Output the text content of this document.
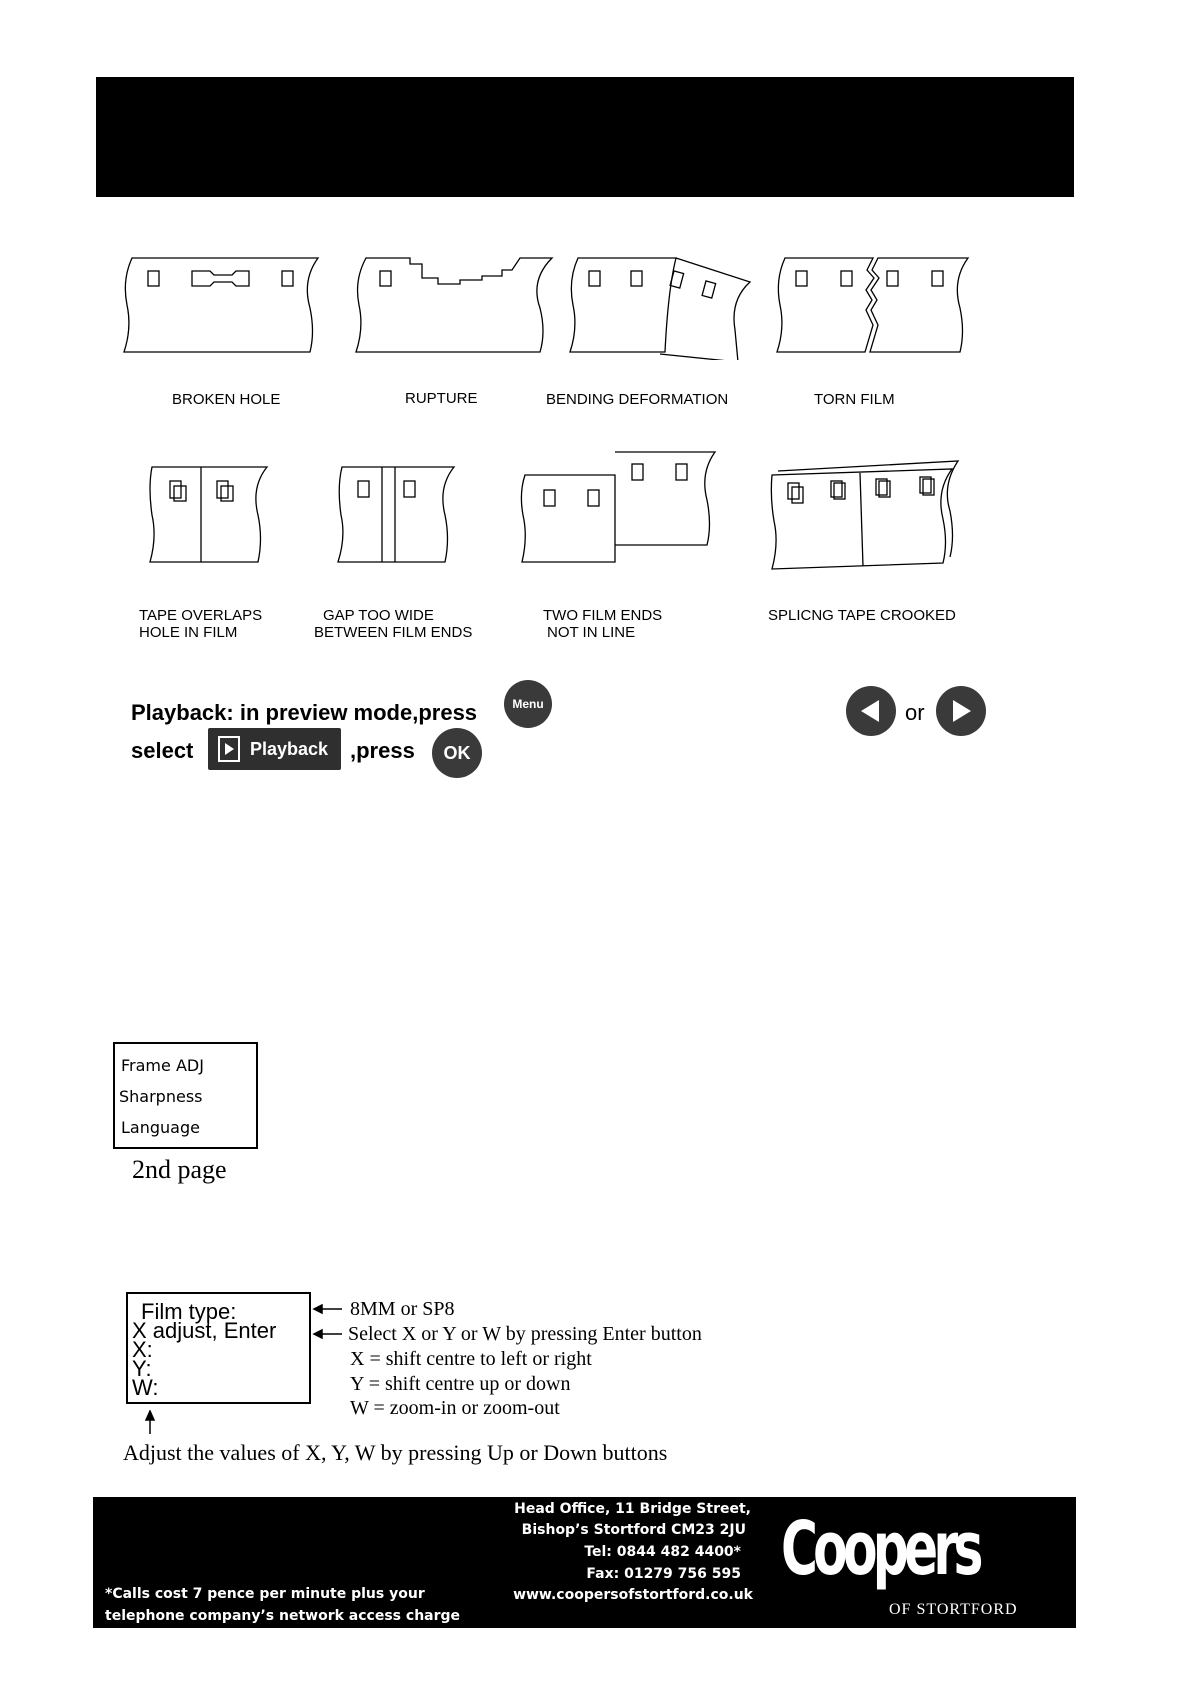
BROKEN HOLE	RUPTURE	BENDING DEFORMATION	TORN FILM
TAPE OVERLAPS
HOLE IN FILM
GAP TOO WIDE
BETWEEN FILM ENDS
TWO FILM ENDS
NOT IN LINE
SPLICNG TAPE CROOKED
Playback: in preview mode,press	Menu
select	Playback ,press OK
or
Frame ADJ
Sharpness
Language
2nd page
Film type:
X adjust, Enter
X:
Y:
W:
8MM or SP8
Select X or Y or W by pressing Enter button
X = shift centre to left or right
Y = shift centre up or down
W = zoom-in or zoom-out
Adjust the values of X, Y, W by pressing Up or Down buttons
Head Office, 11 Bridge Street,
Bishop’s Stortford CM23 2JU
Tel: 0844 482 4400*
Fax: 01279 756 595
www.coopersofstortford.co.uk
*Calls cost 7 pence per minute plus your
telephone company’s network access charge
Coopers
OF STORTFORD
